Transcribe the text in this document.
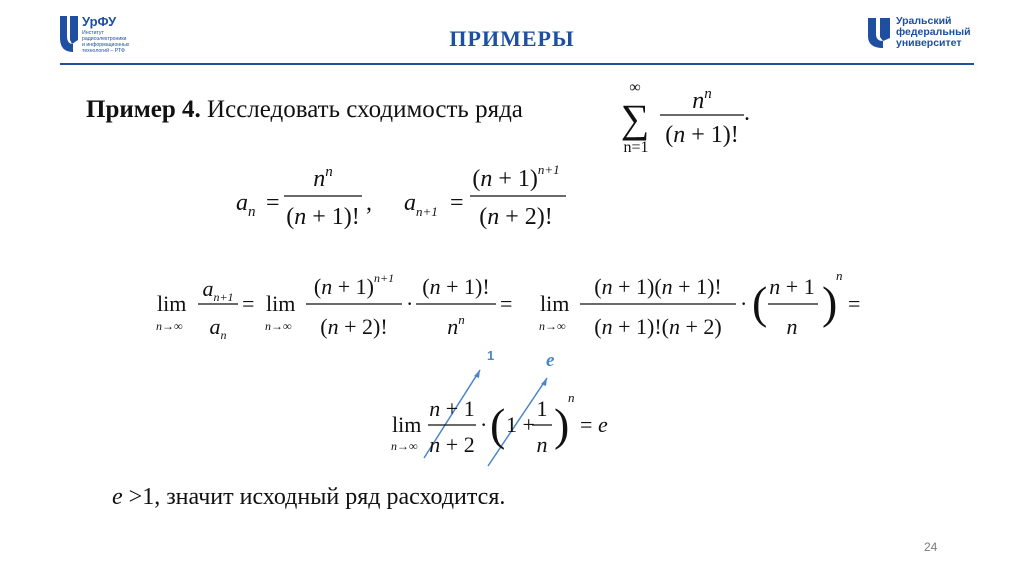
УрФУ
Институт
радиоэлектроники
и информационных
технологий – РТФ	ПРИМЕРЫ
Уральский
федеральный
университет
Пример 4. Исследовать сходимость ряда
∞
∑
n=1
$n^n$
(n + 1)!
.
$a_n$ =
$n^n$
(n + 1)!
, $a_{n+1}$ =
$(n + 1)^{n+1}$
(n + 2)!
lim
n→∞
$a_{n+1}$
$a_n$
= lim
n→∞
$(n + 1)^{n+1}$
(n + 2)!
·
(n + 1)!
$n^n$
= lim
n→∞
(n + 1)(n + 1)!
(n + 1)!(n + 2)
· ( n + 1
n )
n
=
1	e
lim
n→∞
n + 1
n + 2
· ( 1 +
1
n )
n
= e
e >1, значит исходный ряд расходится.
24
